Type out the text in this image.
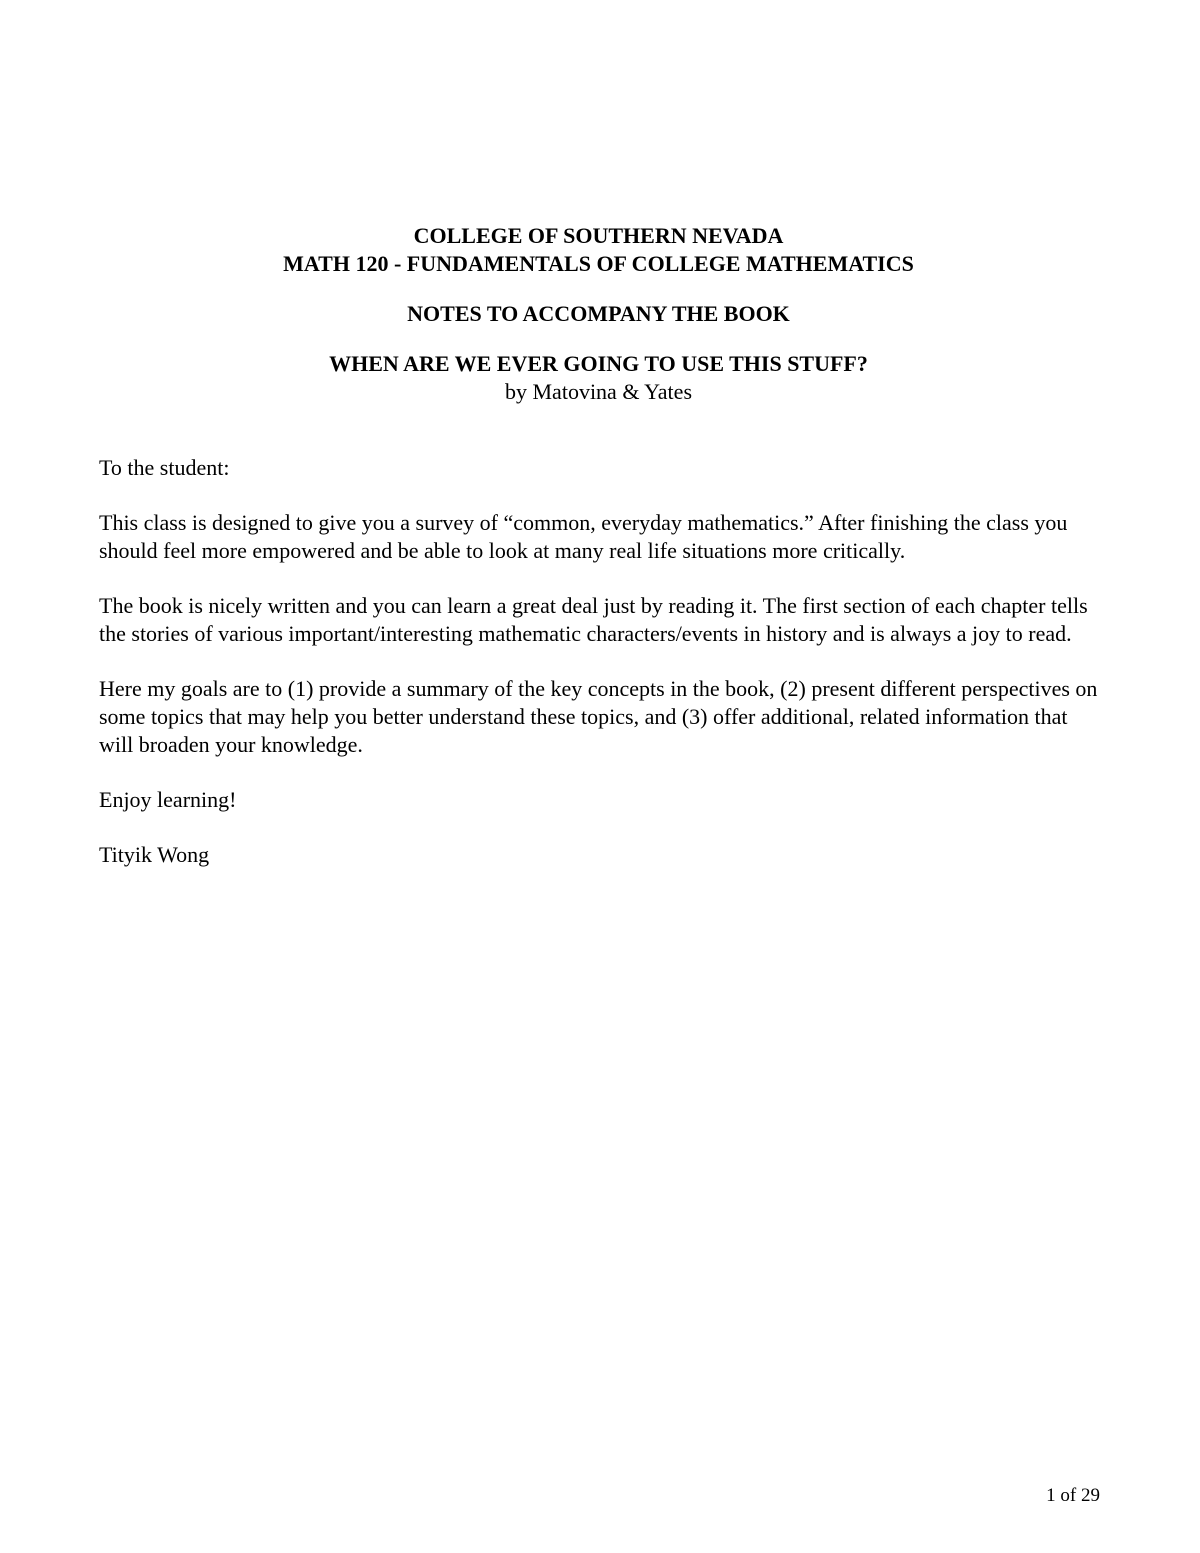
COLLEGE OF SOUTHERN NEVADA
MATH 120 - FUNDAMENTALS OF COLLEGE MATHEMATICS
NOTES TO ACCOMPANY THE BOOK
WHEN ARE WE EVER GOING TO USE THIS STUFF?
by Matovina & Yates

To the student:

This class is designed to give you a survey of “common, everyday mathematics.” After finishing the class you should feel more empowered and be able to look at many real life situations more critically.

The book is nicely written and you can learn a great deal just by reading it. The first section of each chapter tells the stories of various important/interesting mathematic characters/events in history and is always a joy to read.

Here my goals are to (1) provide a summary of the key concepts in the book, (2) present different perspectives on some topics that may help you better understand these topics, and (3) offer additional, related information that will broaden your knowledge.

Enjoy learning!

Tityik Wong

1 of 29
